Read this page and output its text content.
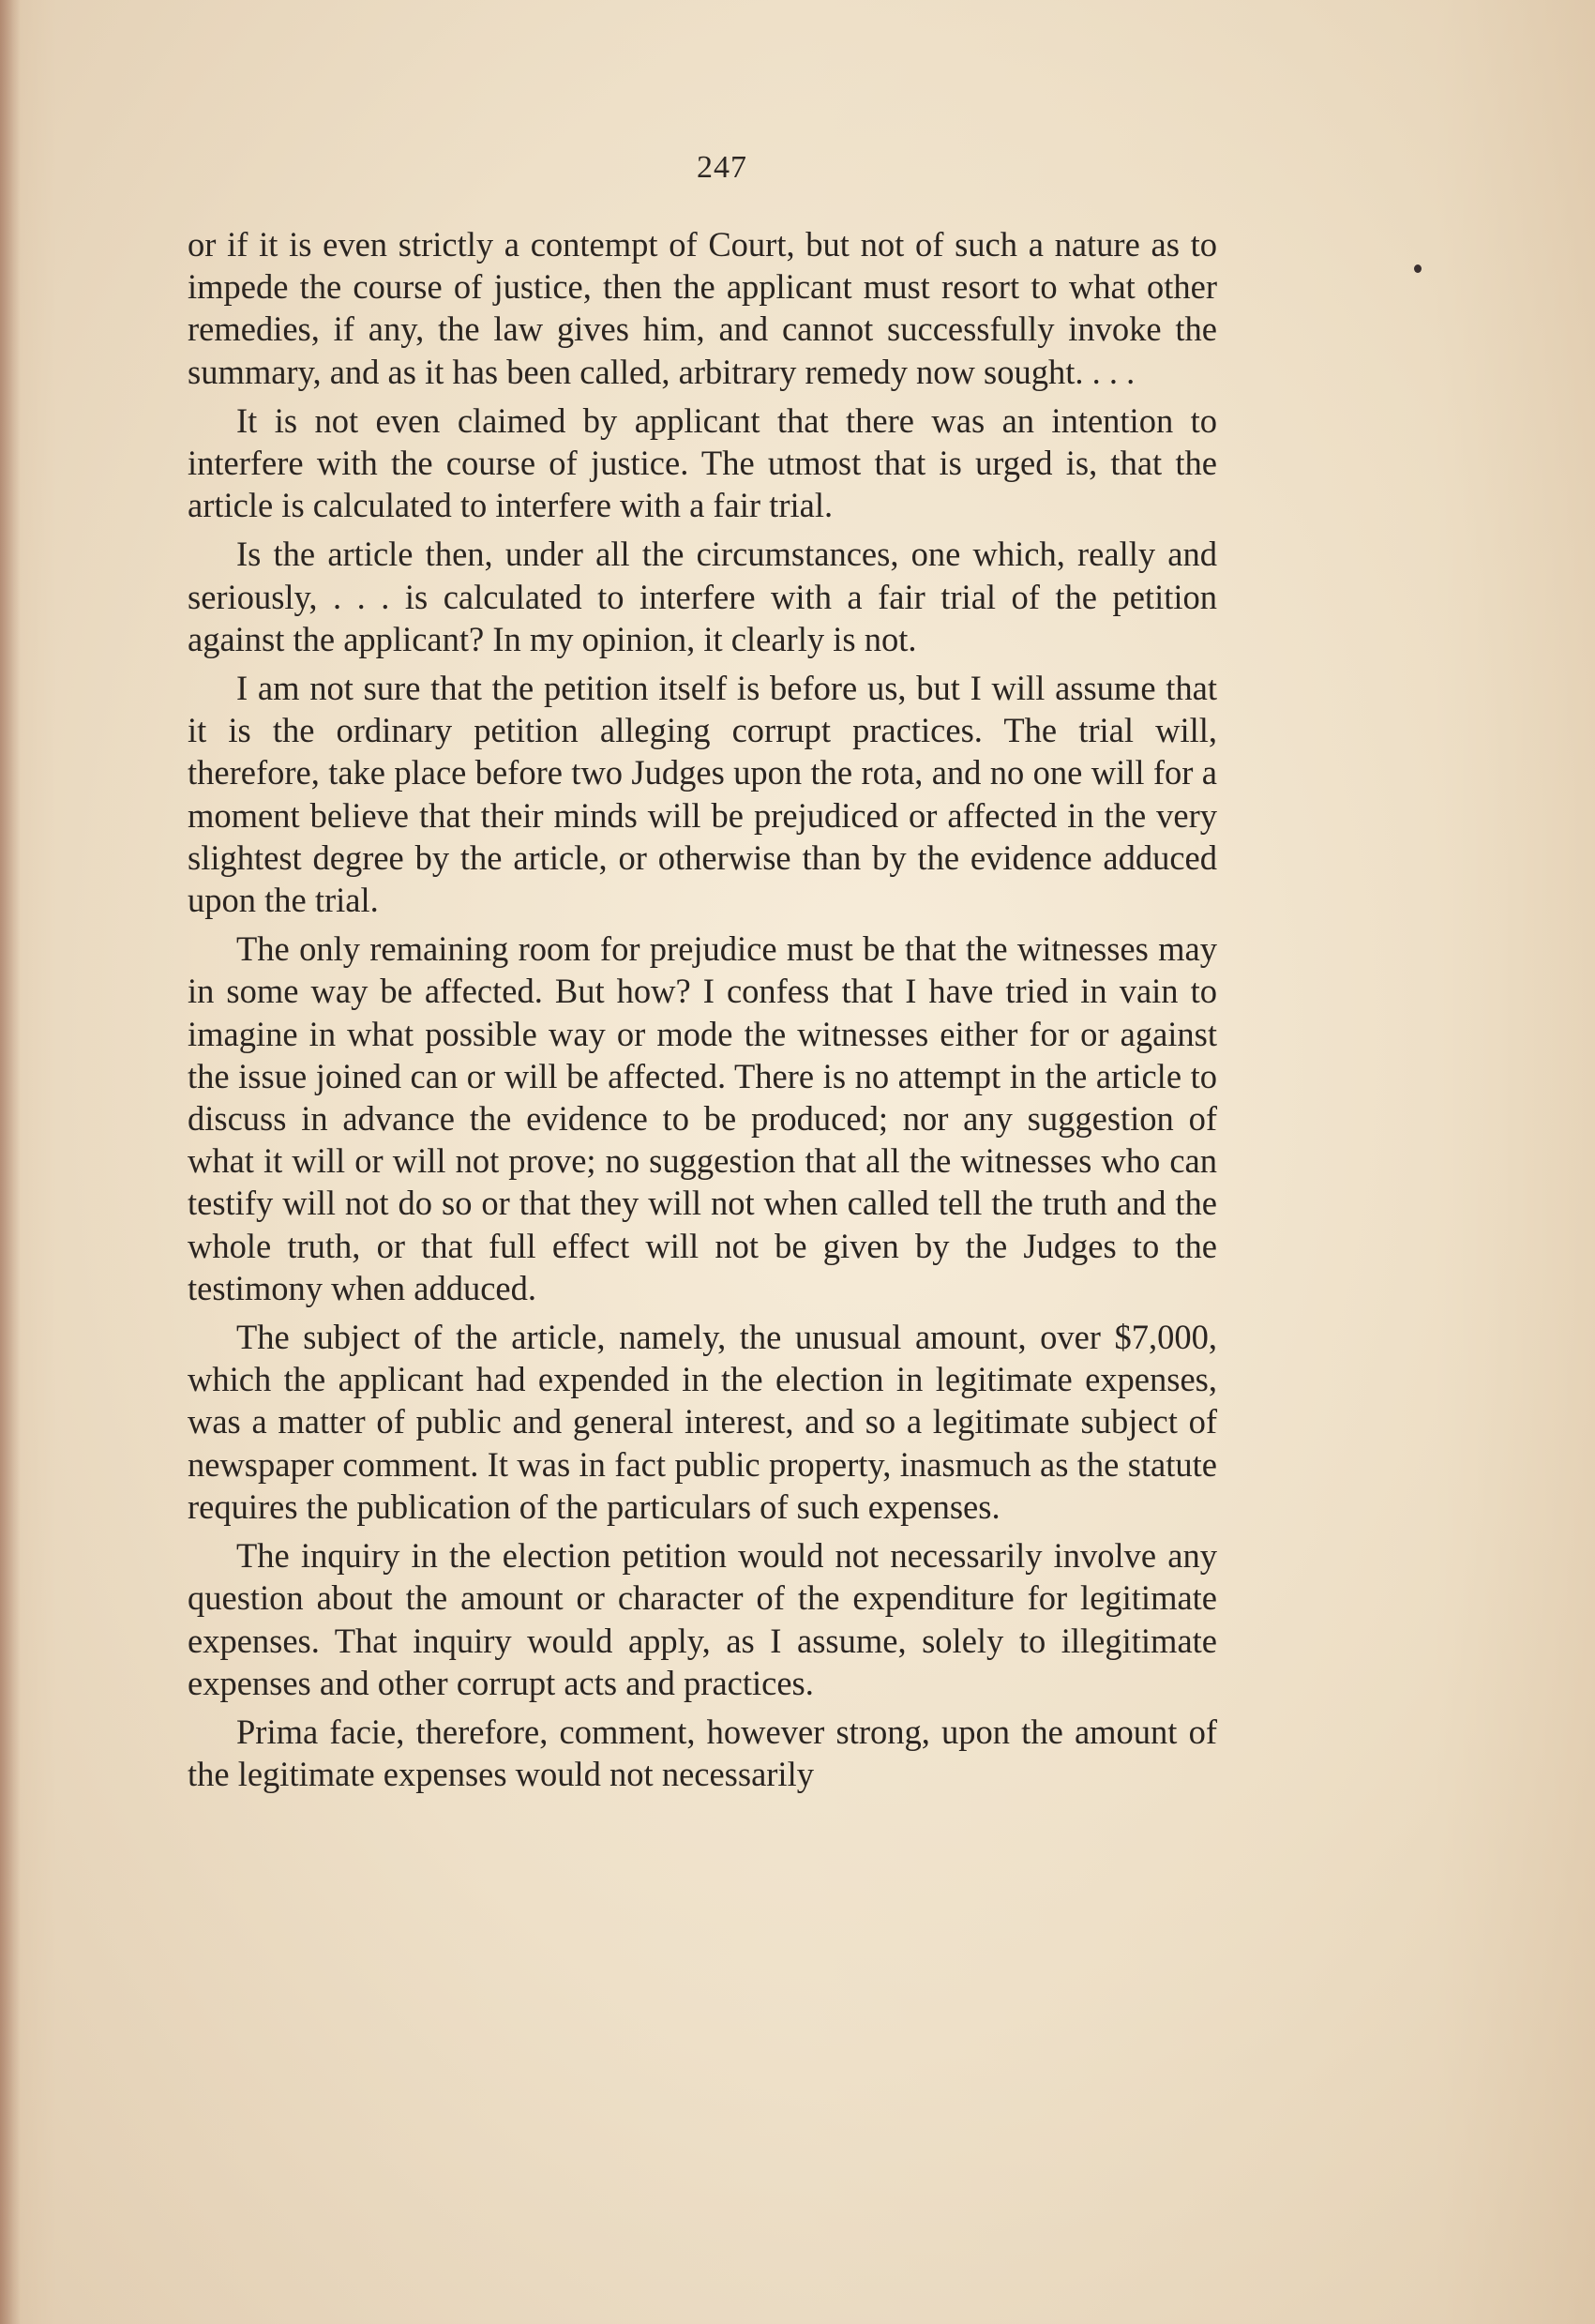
247

or if it is even strictly a contempt of Court, but not of such a nature as to impede the course of justice, then the applicant must resort to what other remedies, if any, the law gives him, and cannot successfully invoke the summary, and as it has been called, arbitrary remedy now sought. . . .

It is not even claimed by applicant that there was an intention to interfere with the course of justice. The utmost that is urged is, that the article is calculated to interfere with a fair trial.

Is the article then, under all the circumstances, one which, really and seriously, . . . is calculated to interfere with a fair trial of the petition against the applicant? In my opinion, it clearly is not.

I am not sure that the petition itself is before us, but I will assume that it is the ordinary petition alleging corrupt practices. The trial will, therefore, take place before two Judges upon the rota, and no one will for a moment believe that their minds will be prejudiced or affected in the very slightest degree by the article, or otherwise than by the evidence adduced upon the trial.

The only remaining room for prejudice must be that the witnesses may in some way be affected. But how? I confess that I have tried in vain to imagine in what possible way or mode the witnesses either for or against the issue joined can or will be affected. There is no attempt in the article to discuss in advance the evidence to be produced; nor any suggestion of what it will or will not prove; no suggestion that all the witnesses who can testify will not do so or that they will not when called tell the truth and the whole truth, or that full effect will not be given by the Judges to the testimony when adduced.

The subject of the article, namely, the unusual amount, over $7,000, which the applicant had expended in the election in legitimate expenses, was a matter of public and general interest, and so a legitimate subject of newspaper comment. It was in fact public property, inasmuch as the statute requires the publication of the particulars of such expenses.

The inquiry in the election petition would not necessarily involve any question about the amount or character of the expenditure for legitimate expenses. That inquiry would apply, as I assume, solely to illegitimate expenses and other corrupt acts and practices.

Prima facie, therefore, comment, however strong, upon the amount of the legitimate expenses would not necessarily
